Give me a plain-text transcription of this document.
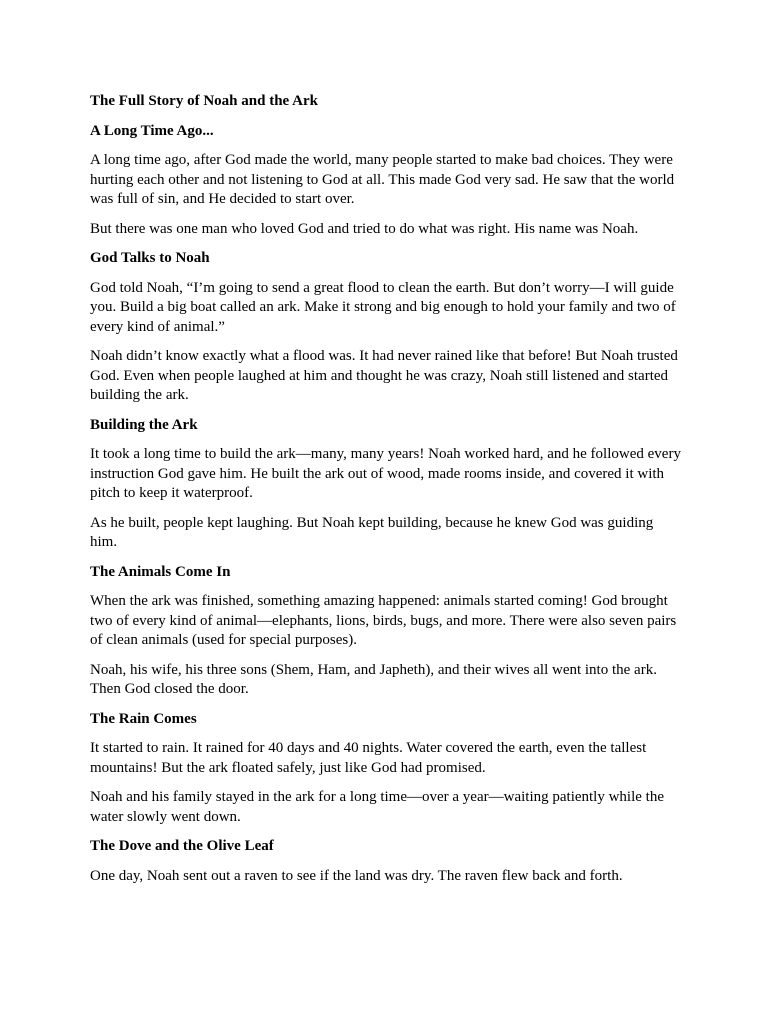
The Full Story of Noah and the Ark
A Long Time Ago...
A long time ago, after God made the world, many people started to make bad choices. They were hurting each other and not listening to God at all. This made God very sad. He saw that the world was full of sin, and He decided to start over.
But there was one man who loved God and tried to do what was right. His name was Noah.
God Talks to Noah
God told Noah, “I’m going to send a great flood to clean the earth. But don’t worry—I will guide you. Build a big boat called an ark. Make it strong and big enough to hold your family and two of every kind of animal.”
Noah didn’t know exactly what a flood was. It had never rained like that before! But Noah trusted God. Even when people laughed at him and thought he was crazy, Noah still listened and started building the ark.
Building the Ark
It took a long time to build the ark—many, many years! Noah worked hard, and he followed every instruction God gave him. He built the ark out of wood, made rooms inside, and covered it with pitch to keep it waterproof.
As he built, people kept laughing. But Noah kept building, because he knew God was guiding him.
The Animals Come In
When the ark was finished, something amazing happened: animals started coming! God brought two of every kind of animal—elephants, lions, birds, bugs, and more. There were also seven pairs of clean animals (used for special purposes).
Noah, his wife, his three sons (Shem, Ham, and Japheth), and their wives all went into the ark. Then God closed the door.
The Rain Comes
It started to rain. It rained for 40 days and 40 nights. Water covered the earth, even the tallest mountains! But the ark floated safely, just like God had promised.
Noah and his family stayed in the ark for a long time—over a year—waiting patiently while the water slowly went down.
The Dove and the Olive Leaf
One day, Noah sent out a raven to see if the land was dry. The raven flew back and forth.
